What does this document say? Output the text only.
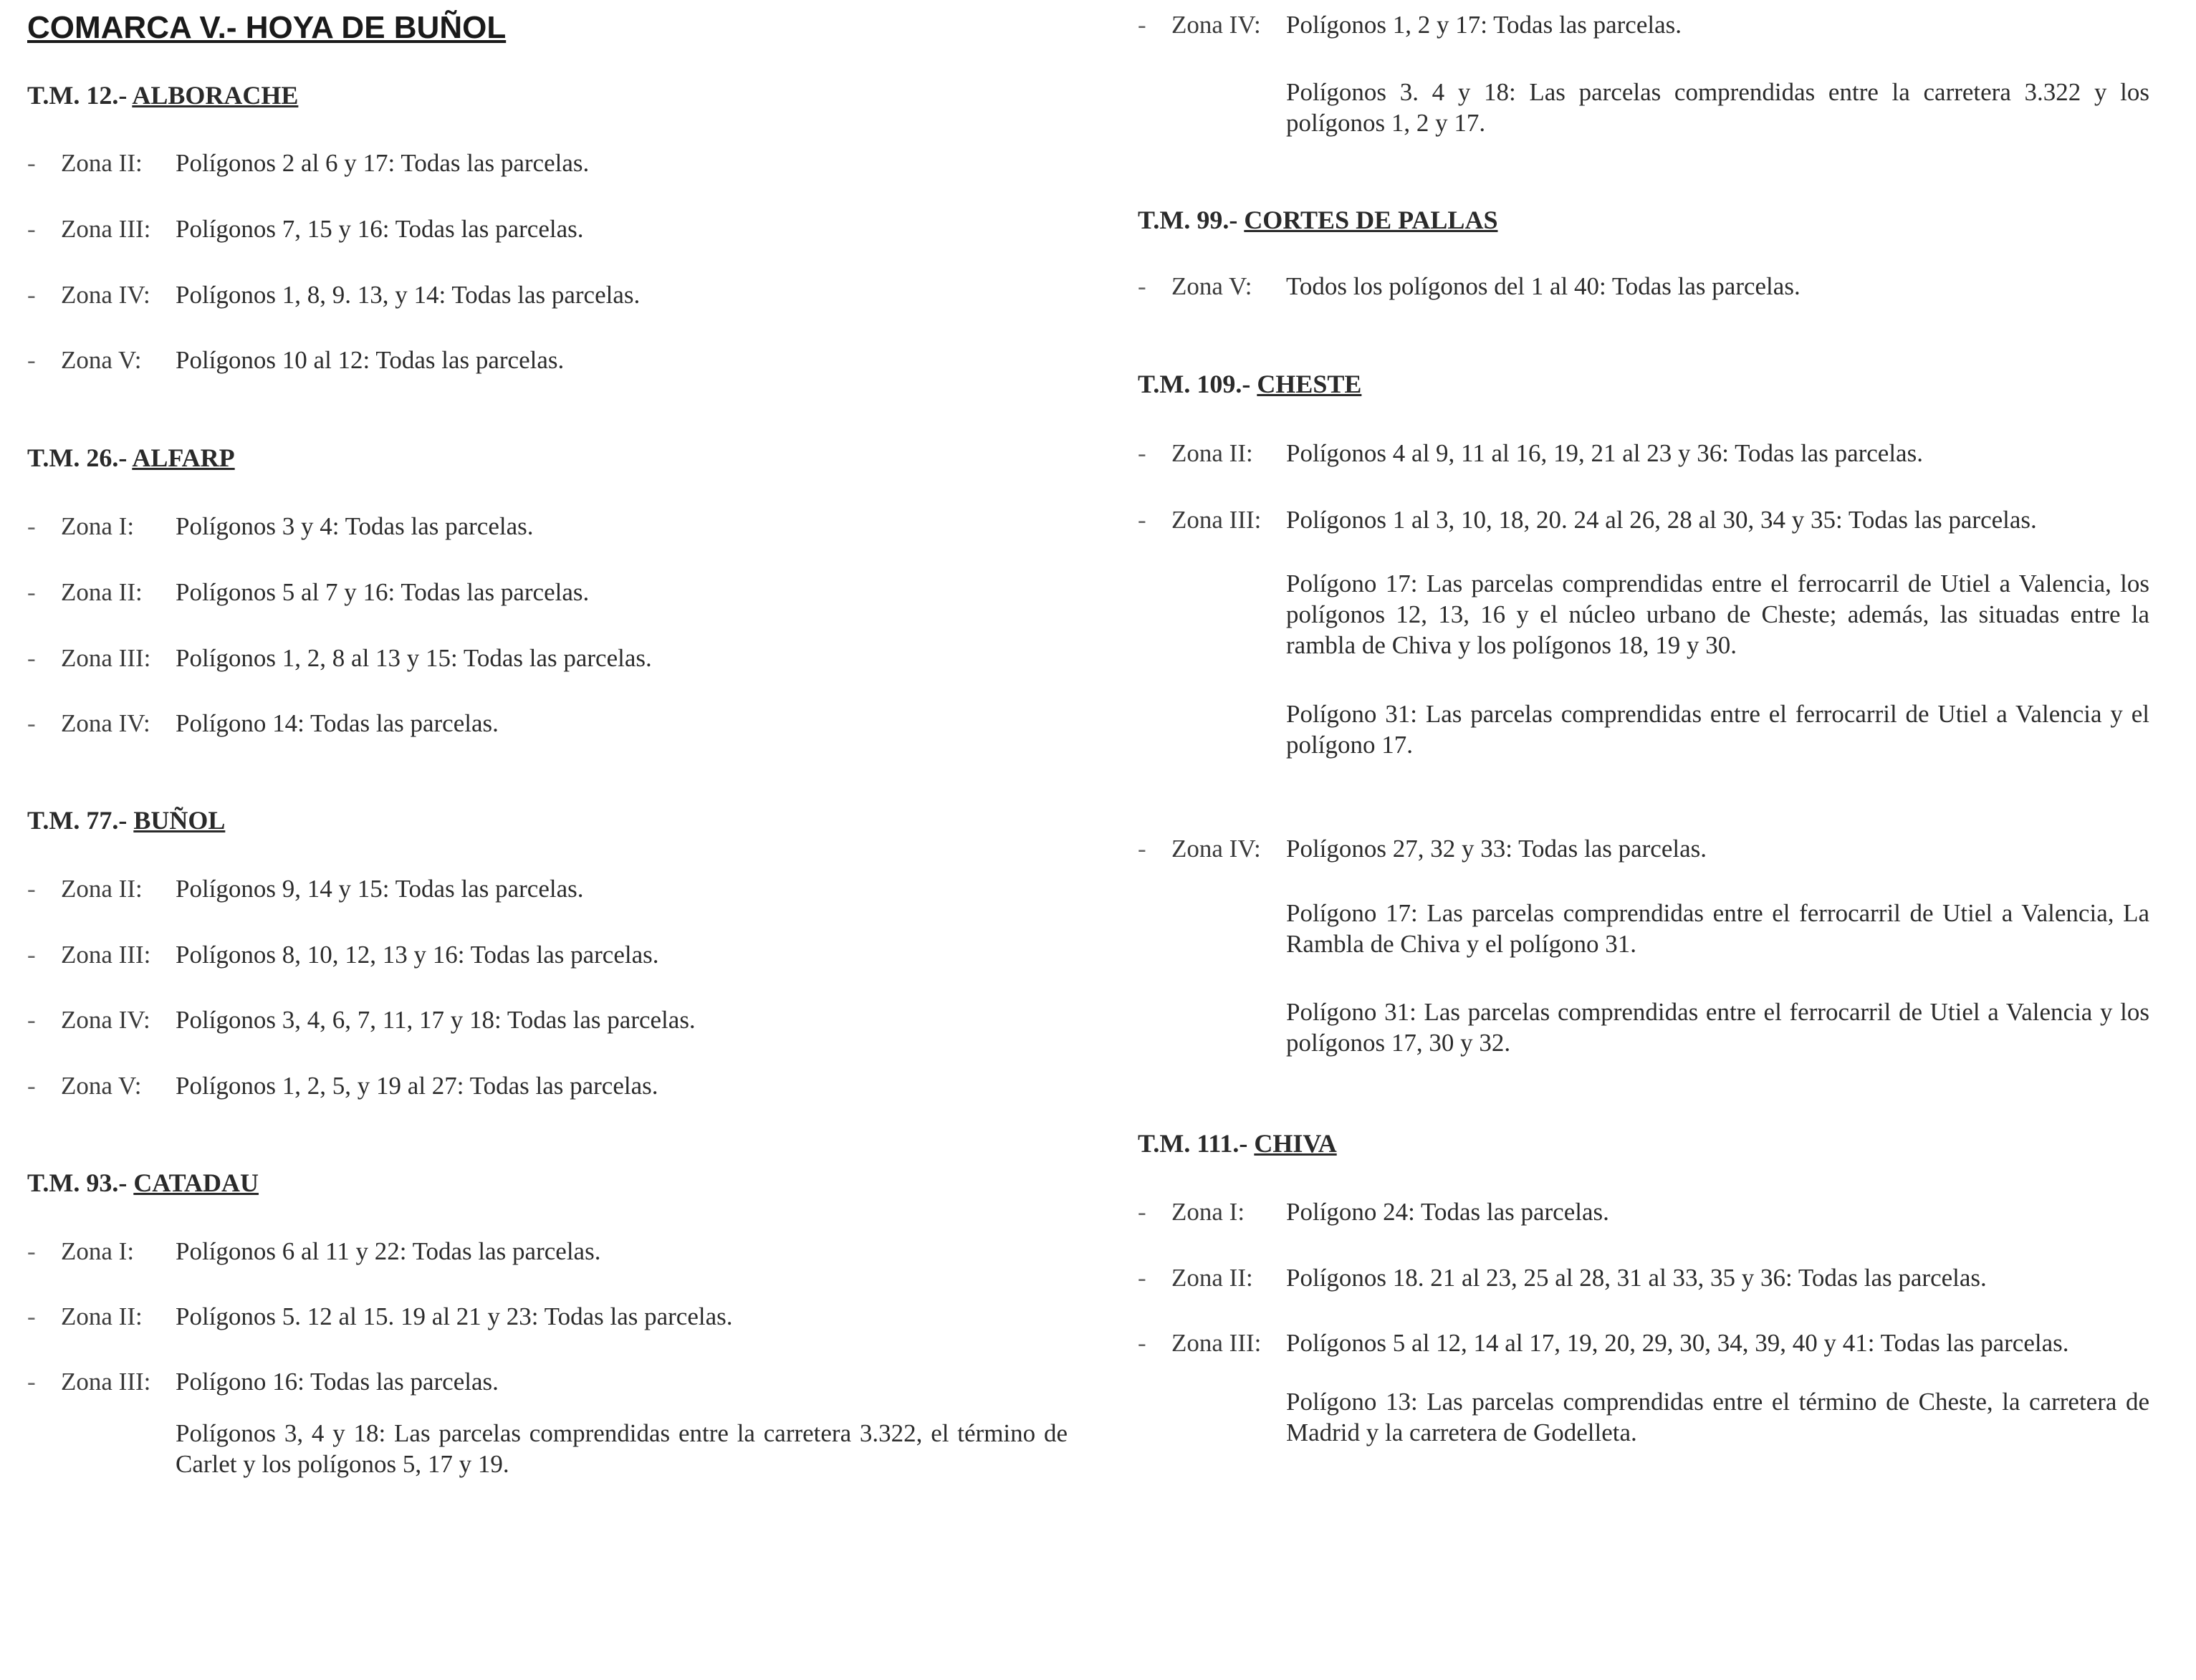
COMARCA V.- HOYA DE BUÑOL
T.M. 12.- ALBORACHE
- Zona II: Polígonos 2 al 6 y 17: Todas las parcelas.
- Zona III: Polígonos 7, 15 y 16: Todas las parcelas.
- Zona IV: Polígonos 1, 8, 9. 13, y 14: Todas las parcelas.
- Zona V: Polígonos 10 al 12: Todas las parcelas.
T.M. 26.- ALFARP
- Zona I: Polígonos 3 y 4: Todas las parcelas.
- Zona II: Polígonos 5 al 7 y 16: Todas las parcelas.
- Zona III: Polígonos 1, 2, 8 al 13 y 15: Todas las parcelas.
- Zona IV: Polígono 14: Todas las parcelas.
T.M. 77.- BUÑOL
- Zona II: Polígonos 9, 14 y 15: Todas las parcelas.
- Zona III: Polígonos 8, 10, 12, 13 y 16: Todas las parcelas.
- Zona IV: Polígonos 3, 4, 6, 7, 11, 17 y 18: Todas las parcelas.
- Zona V: Polígonos 1, 2, 5, y 19 al 27: Todas las parcelas.
T.M. 93.- CATADAU
- Zona I: Polígonos 6 al 11 y 22: Todas las parcelas.
- Zona II: Polígonos 5. 12 al 15. 19 al 21 y 23: Todas las parcelas.
- Zona III: Polígono 16: Todas las parcelas.

Polígonos 3, 4 y 18: Las parcelas comprendidas entre la carretera 3.322, el término de Carlet y los polígonos 5, 17 y 19.

- Zona IV: Polígonos 1, 2 y 17: Todas las parcelas.

Polígonos 3. 4 y 18: Las parcelas comprendidas entre la carretera 3.322 y los polígonos 1, 2 y 17.

T.M. 99.- CORTES DE PALLAS
- Zona V: Todos los polígonos del 1 al 40: Todas las parcelas.
T.M. 109.- CHESTE
- Zona II: Polígonos 4 al 9, 11 al 16, 19, 21 al 23 y 36: Todas las parcelas.
- Zona III: Polígonos 1 al 3, 10, 18, 20. 24 al 26, 28 al 30, 34 y 35: Todas las parcelas.

Polígono 17: Las parcelas comprendidas entre el ferrocarril de Utiel a Valencia, los polígonos 12, 13, 16 y el núcleo urbano de Cheste; además, las situadas entre la rambla de Chiva y los polígonos 18, 19 y 30.

Polígono 31: Las parcelas comprendidas entre el ferrocarril de Utiel a Valencia y el polígono 17.

- Zona IV: Polígonos 27, 32 y 33: Todas las parcelas.

Polígono 17: Las parcelas comprendidas entre el ferrocarril de Utiel a Valencia, La Rambla de Chiva y el polígono 31.

Polígono 31: Las parcelas comprendidas entre el ferrocarril de Utiel a Valencia y los polígonos 17, 30 y 32.

T.M. 111.- CHIVA
- Zona I: Polígono 24: Todas las parcelas.
- Zona II: Polígonos 18. 21 al 23, 25 al 28, 31 al 33, 35 y 36: Todas las parcelas.
- Zona III: Polígonos 5 al 12, 14 al 17, 19, 20, 29, 30, 34, 39, 40 y 41: Todas las parcelas.

Polígono 13: Las parcelas comprendidas entre el término de Cheste, la carretera de Madrid y la carretera de Godelleta.
